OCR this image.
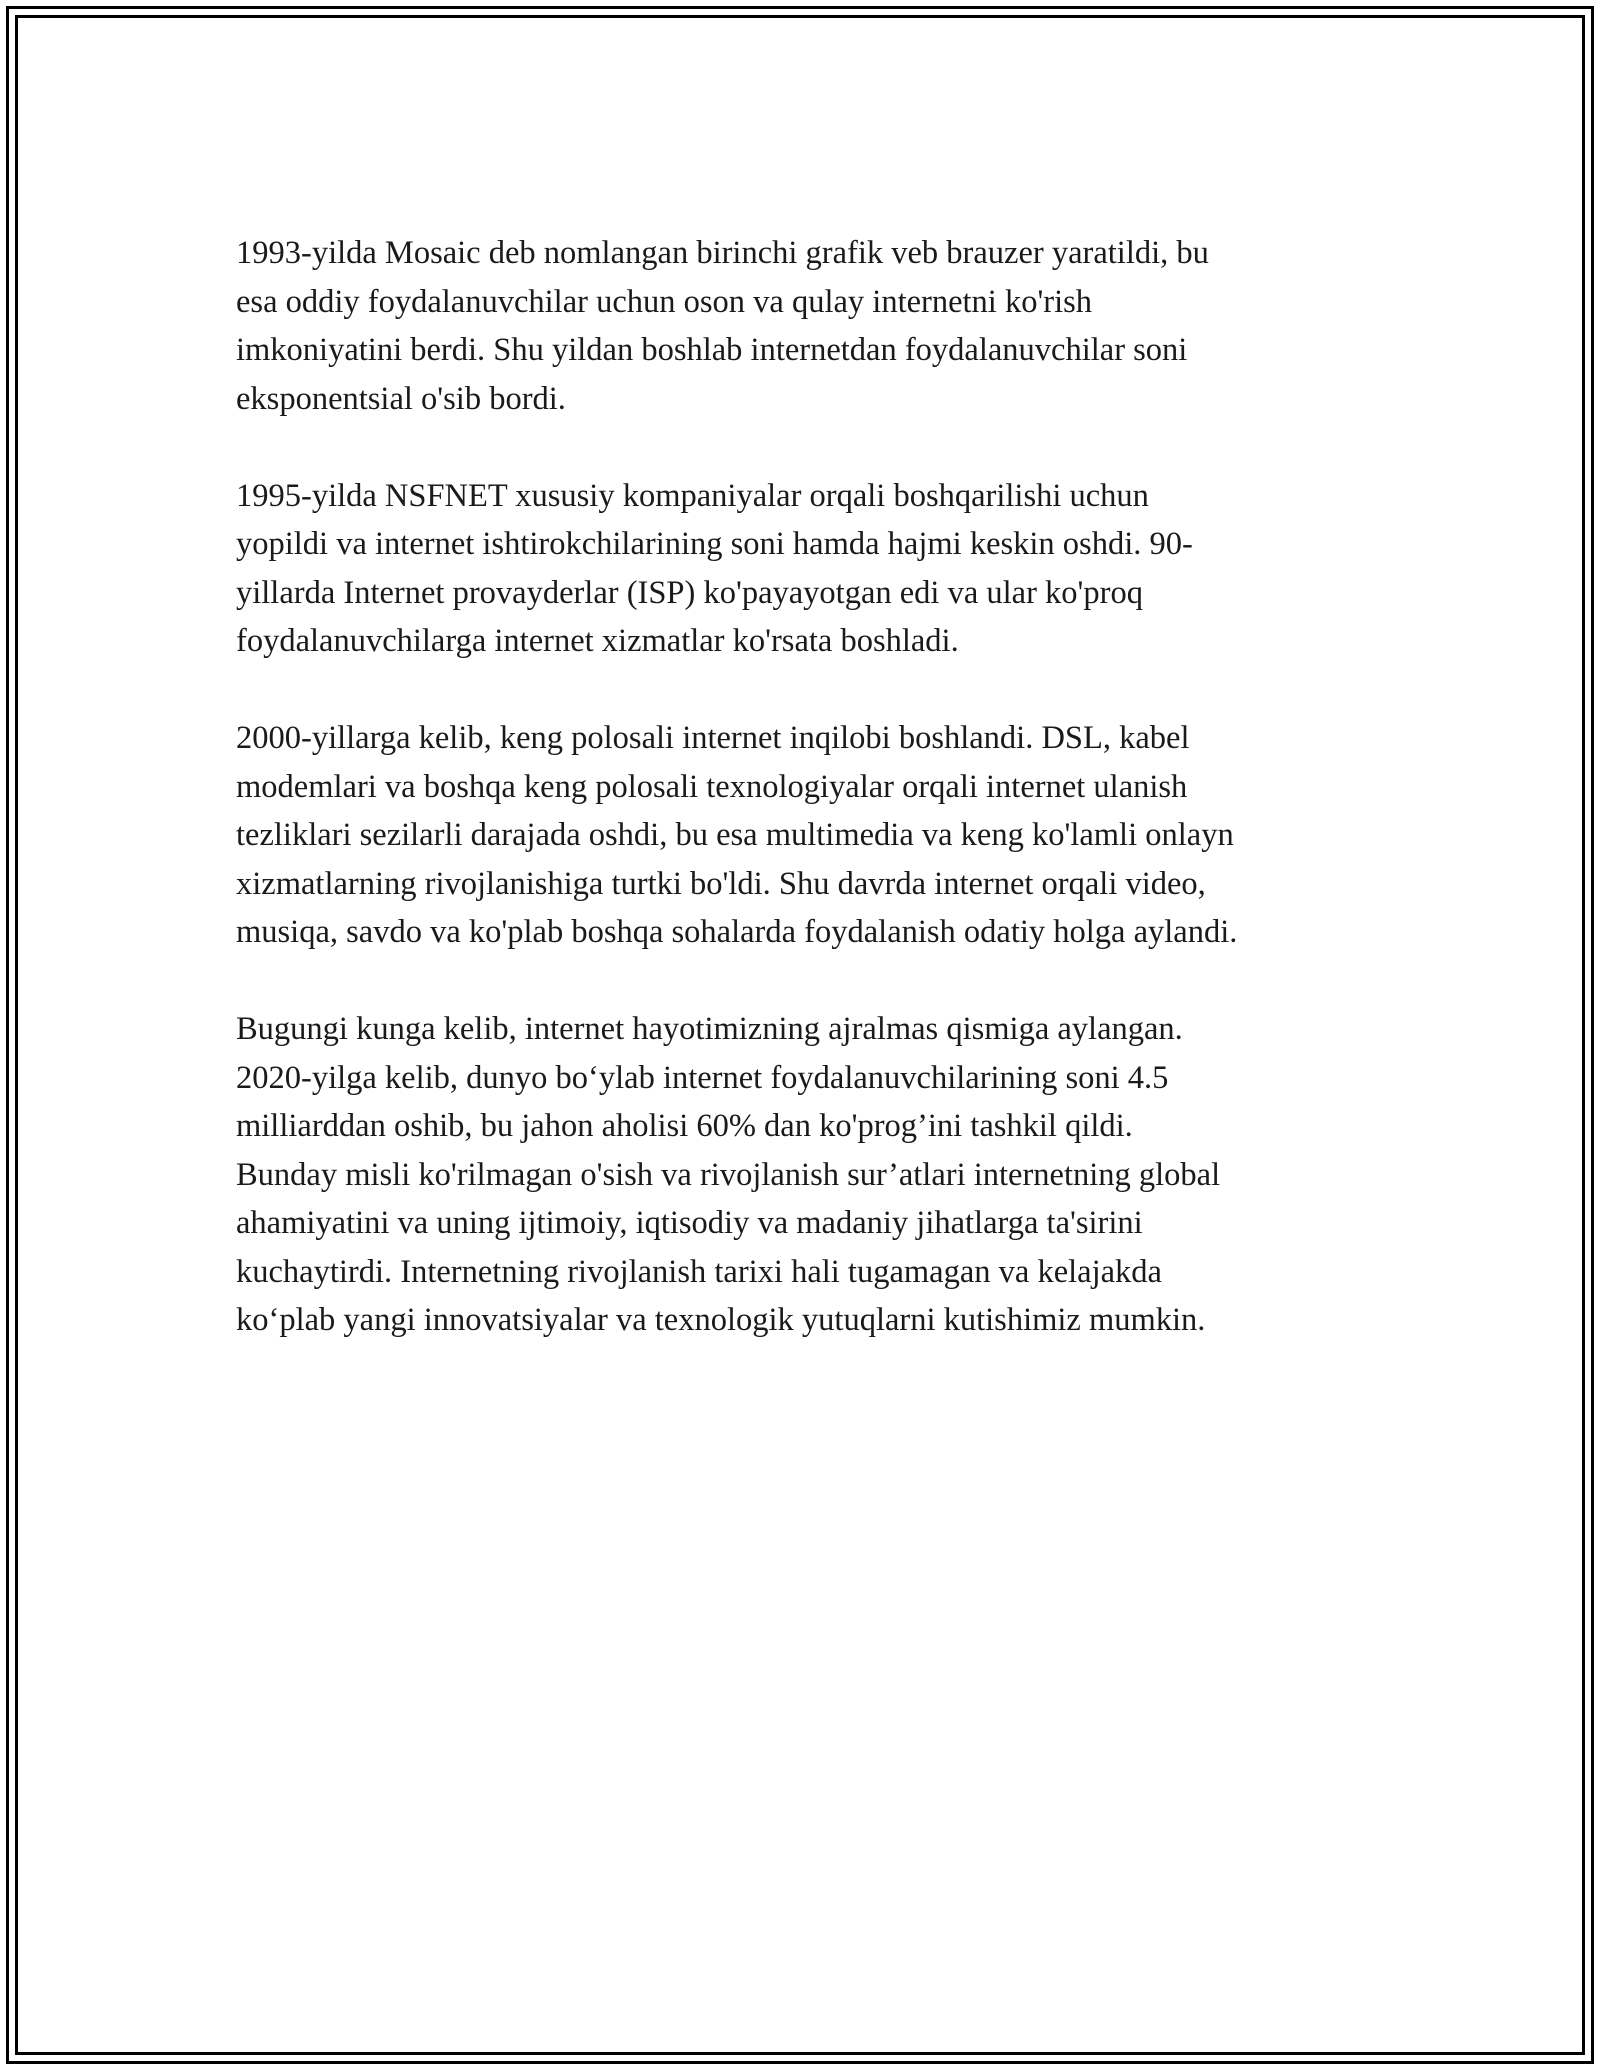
1993-yilda Mosaic deb nomlangan birinchi grafik veb brauzer yaratildi, bu
esa oddiy foydalanuvchilar uchun oson va qulay internetni ko'rish
imkoniyatini berdi. Shu yildan boshlab internetdan foydalanuvchilar soni
eksponentsial o'sib bordi.

1995-yilda NSFNET xususiy kompaniyalar orqali boshqarilishi uchun
yopildi va internet ishtirokchilarining soni hamda hajmi keskin oshdi. 90-
yillarda Internet provayderlar (ISP) ko'payayotgan edi va ular ko'proq
foydalanuvchilarga internet xizmatlar ko'rsata boshladi.

2000-yillarga kelib, keng polosali internet inqilobi boshlandi. DSL, kabel
modemlari va boshqa keng polosali texnologiyalar orqali internet ulanish
tezliklari sezilarli darajada oshdi, bu esa multimedia va keng ko'lamli onlayn
xizmatlarning rivojlanishiga turtki bo'ldi. Shu davrda internet orqali video,
musiqa, savdo va ko'plab boshqa sohalarda foydalanish odatiy holga aylandi.

Bugungi kunga kelib, internet hayotimizning ajralmas qismiga aylangan.
2020-yilga kelib, dunyo bo‘ylab internet foydalanuvchilarining soni 4.5
milliarddan oshib, bu jahon aholisi 60% dan ko'prog’ini tashkil qildi.
Bunday misli ko'rilmagan o'sish va rivojlanish sur’atlari internetning global
ahamiyatini va uning ijtimoiy, iqtisodiy va madaniy jihatlarga ta'sirini
kuchaytirdi. Internetning rivojlanish tarixi hali tugamagan va kelajakda
ko‘plab yangi innovatsiyalar va texnologik yutuqlarni kutishimiz mumkin.
